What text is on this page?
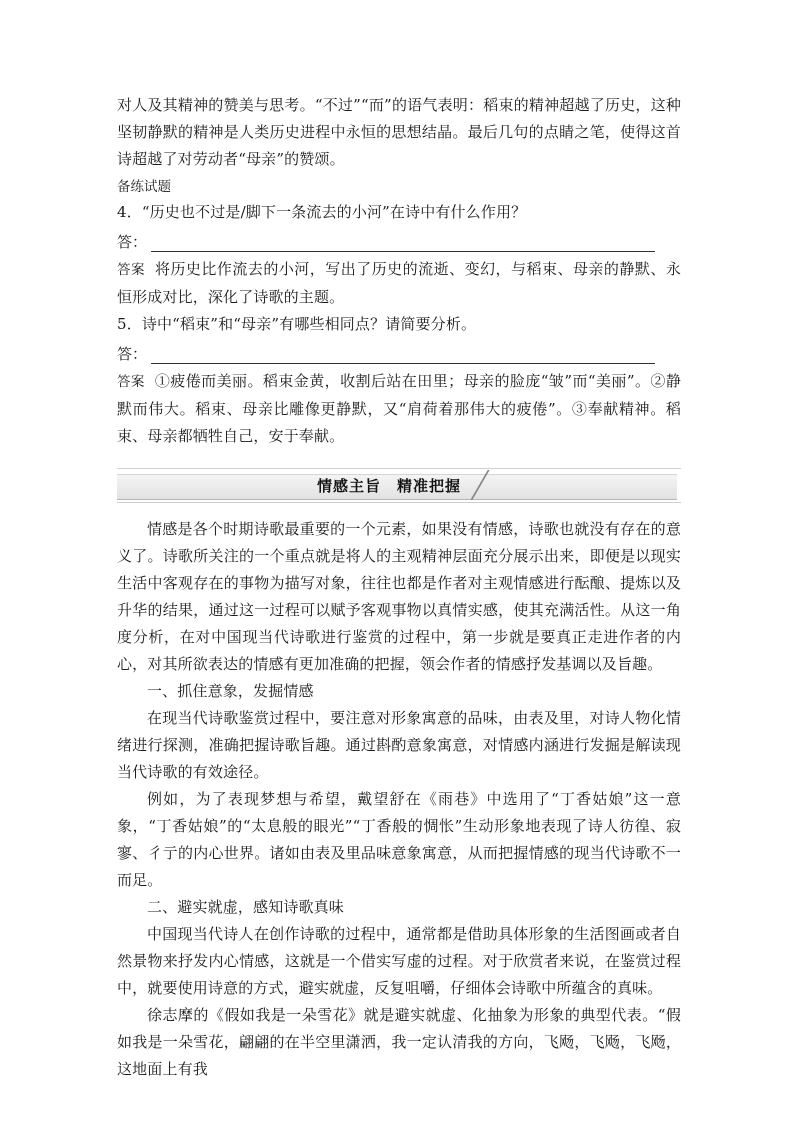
对人及其精神的赞美与思考。“不过”“而”的语气表明：稻束的精神超越了历史，这种坚韧静默的精神是人类历史进程中永恒的思想结晶。最后几句的点睛之笔，使得这首诗超越了对劳动者“母亲”的赞颂。

备练试题

4．“历史也不过是/脚下一条流去的小河”在诗中有什么作用？

答：

答案 将历史比作流去的小河，写出了历史的流逝、变幻，与稻束、母亲的静默、永恒形成对比，深化了诗歌的主题。

5．诗中“稻束”和“母亲”有哪些相同点？请简要分析。

答：

答案 ①疲倦而美丽。稻束金黄，收割后站在田里；母亲的脸庞“皱”而“美丽”。②静默而伟大。稻束、母亲比雕像更静默，又“肩荷着那伟大的疲倦”。③奉献精神。稻束、母亲都牺牲自己，安于奉献。

情感主旨　精准把握

情感是各个时期诗歌最重要的一个元素，如果没有情感，诗歌也就没有存在的意义了。诗歌所关注的一个重点就是将人的主观精神层面充分展示出来，即便是以现实生活中客观存在的事物为描写对象，往往也都是作者对主观情感进行酝酿、提炼以及升华的结果，通过这一过程可以赋予客观事物以真情实感，使其充满活性。从这一角度分析，在对中国现当代诗歌进行鉴赏的过程中，第一步就是要真正走进作者的内心，对其所欲表达的情感有更加准确的把握，领会作者的情感抒发基调以及旨趣。

一、抓住意象，发掘情感

在现当代诗歌鉴赏过程中，要注意对形象寓意的品味，由表及里，对诗人物化情绪进行探测，准确把握诗歌旨趣。通过斟酌意象寓意，对情感内涵进行发掘是解读现当代诗歌的有效途径。

例如，为了表现梦想与希望，戴望舒在《雨巷》中选用了“丁香姑娘”这一意象，“丁香姑娘”的“太息般的眼光”“丁香般的惆怅”生动形象地表现了诗人彷徨、寂寥、彳亍的内心世界。诸如由表及里品味意象寓意，从而把握情感的现当代诗歌不一而足。

二、避实就虚，感知诗歌真味

中国现当代诗人在创作诗歌的过程中，通常都是借助具体形象的生活图画或者自然景物来抒发内心情感，这就是一个借实写虚的过程。对于欣赏者来说，在鉴赏过程中，就要使用诗意的方式，避实就虚，反复咀嚼，仔细体会诗歌中所蕴含的真味。

徐志摩的《假如我是一朵雪花》就是避实就虚、化抽象为形象的典型代表。“假如我是一朵雪花，翩翩的在半空里潇洒，我一定认清我的方向，飞飏，飞飏，飞飏，这地面上有我
